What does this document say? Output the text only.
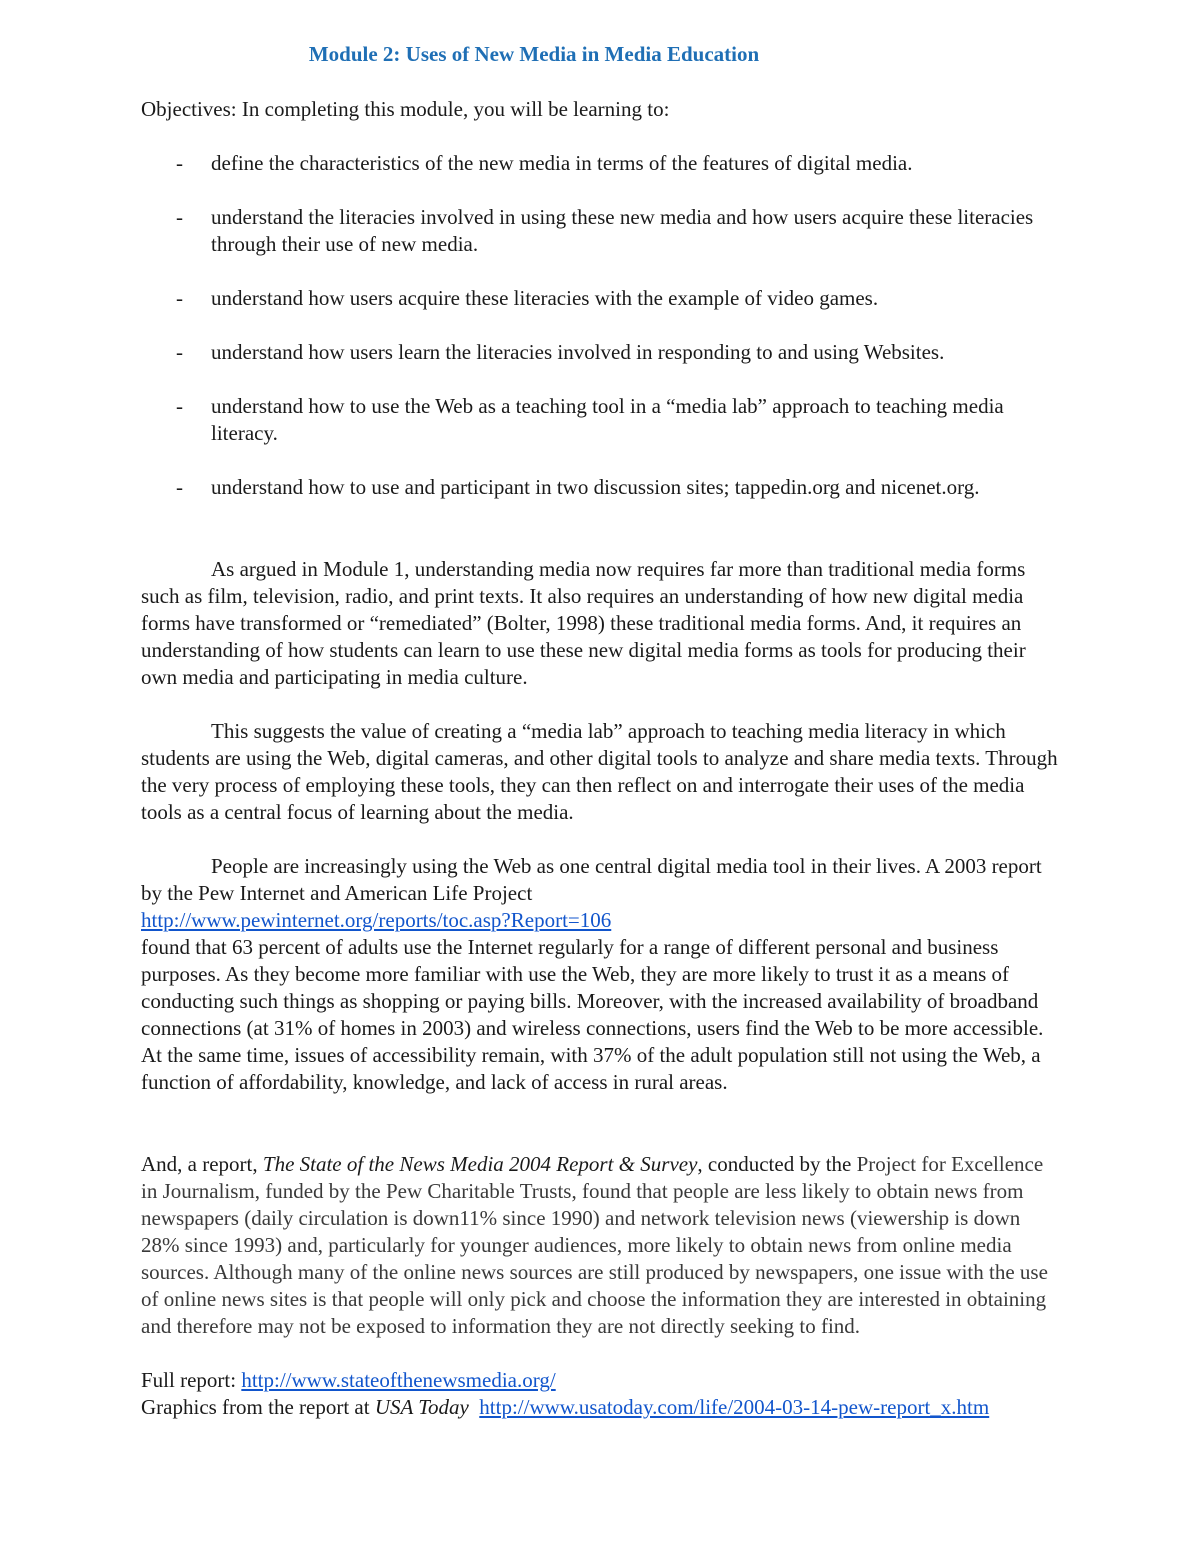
Module 2: Uses of New Media in Media Education

Objectives: In completing this module, you will be learning to:

- define the characteristics of the new media in terms of the features of digital media.
- understand the literacies involved in using these new media and how users acquire these literacies through their use of new media.
- understand how users acquire these literacies with the example of video games.
- understand how users learn the literacies involved in responding to and using Websites.
- understand how to use the Web as a teaching tool in a “media lab” approach to teaching media literacy.
- understand how to use and participant in two discussion sites; tappedin.org and nicenet.org.

As argued in Module 1, understanding media now requires far more than traditional media forms such as film, television, radio, and print texts. It also requires an understanding of how new digital media forms have transformed or “remediated” (Bolter, 1998) these traditional media forms. And, it requires an understanding of how students can learn to use these new digital media forms as tools for producing their own media and participating in media culture.

This suggests the value of creating a “media lab” approach to teaching media literacy in which students are using the Web, digital cameras, and other digital tools to analyze and share media texts. Through the very process of employing these tools, they can then reflect on and interrogate their uses of the media tools as a central focus of learning about the media.

People are increasingly using the Web as one central digital media tool in their lives. A 2003 report by the Pew Internet and American Life Project
http://www.pewinternet.org/reports/toc.asp?Report=106
found that 63 percent of adults use the Internet regularly for a range of different personal and business purposes. As they become more familiar with use the Web, they are more likely to trust it as a means of conducting such things as shopping or paying bills. Moreover, with the increased availability of broadband connections (at 31% of homes in 2003) and wireless connections, users find the Web to be more accessible. At the same time, issues of accessibility remain, with 37% of the adult population still not using the Web, a function of affordability, knowledge, and lack of access in rural areas.

And, a report, The State of the News Media 2004 Report & Survey, conducted by the Project for Excellence in Journalism, funded by the Pew Charitable Trusts, found that people are less likely to obtain news from newspapers (daily circulation is down11% since 1990) and network television news (viewership is down 28% since 1993) and, particularly for younger audiences, more likely to obtain news from online media sources. Although many of the online news sources are still produced by newspapers, one issue with the use of online news sites is that people will only pick and choose the information they are interested in obtaining and therefore may not be exposed to information they are not directly seeking to find.

Full report: http://www.stateofthenewsmedia.org/

Graphics from the report at USA Today http://www.usatoday.com/life/2004-03-14-pew-report_x.htm
